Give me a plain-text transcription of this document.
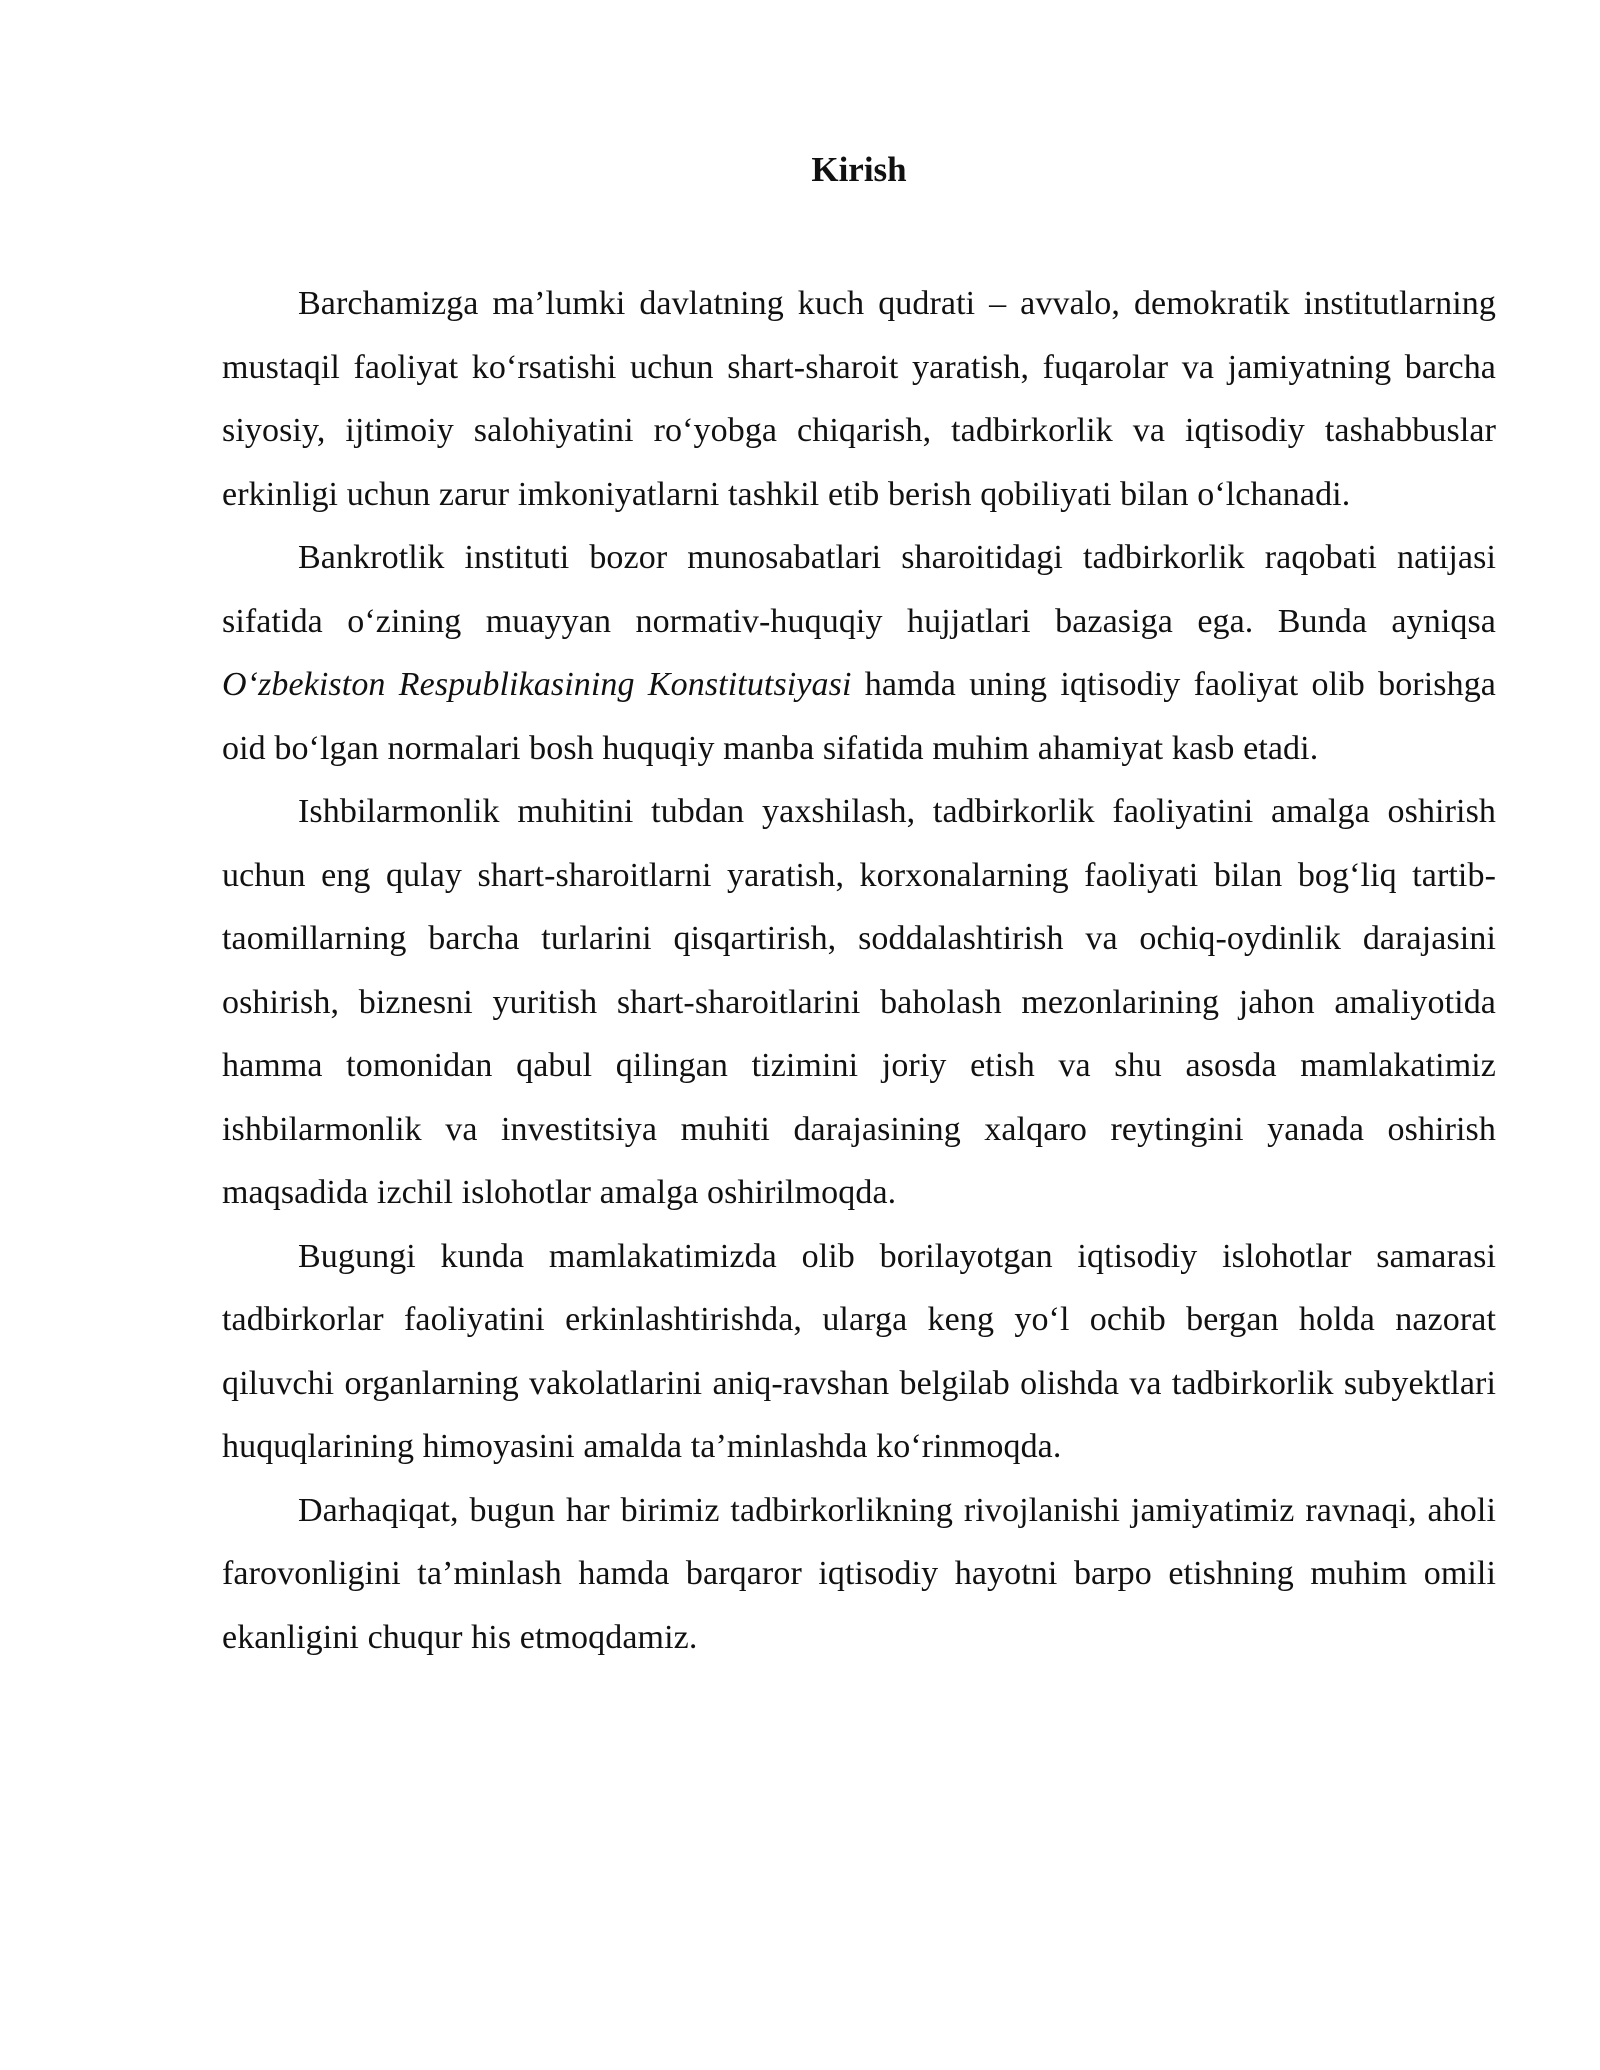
Kirish

Barchamizga ma’lumki davlatning kuch qudrati – avvalo, demokratik institutlarning mustaqil faoliyat ko‘rsatishi uchun shart-sharoit yaratish, fuqarolar va jamiyatning barcha siyosiy, ijtimoiy salohiyatini ro‘yobga chiqarish, tadbirkorlik va iqtisodiy tashabbuslar erkinligi uchun zarur imkoniyatlarni tashkil etib berish qobiliyati bilan o‘lchanadi.

Bankrotlik instituti bozor munosabatlari sharoitidagi tadbirkorlik raqobati natijasi sifatida o‘zining muayyan normativ-huquqiy hujjatlari bazasiga ega. Bunda ayniqsa O‘zbekiston Respublikasining Konstitutsiyasi hamda uning iqtisodiy faoliyat olib borishga oid bo‘lgan normalari bosh huquqiy manba sifatida muhim ahamiyat kasb etadi.

Ishbilarmonlik muhitini tubdan yaxshilash, tadbirkorlik faoliyatini amalga oshirish uchun eng qulay shart-sharoitlarni yaratish, korxonalarning faoliyati bilan bog‘liq tartib-taomillarning barcha turlarini qisqartirish, soddalashtirish va ochiq-oydinlik darajasini oshirish, biznesni yuritish shart-sharoitlarini baholash mezonlarining jahon amaliyotida hamma tomonidan qabul qilingan tizimini joriy etish va shu asosda mamlakatimiz ishbilarmonlik va investitsiya muhiti darajasining xalqaro reytingini yanada oshirish maqsadida izchil islohotlar amalga oshirilmoqda.

Bugungi kunda mamlakatimizda olib borilayotgan iqtisodiy islohotlar samarasi tadbirkorlar faoliyatini erkinlashtirishda, ularga keng yo‘l ochib bergan holda nazorat qiluvchi organlarning vakolatlarini aniq-ravshan belgilab olishda va tadbirkorlik subyektlari huquqlarining himoyasini amalda ta’minlashda ko‘rinmoqda.

Darhaqiqat, bugun har birimiz tadbirkorlikning rivojlanishi jamiyatimiz ravnaqi, aholi farovonligini ta’minlash hamda barqaror iqtisodiy hayotni barpo etishning muhim omili ekanligini chuqur his etmoqdamiz.
